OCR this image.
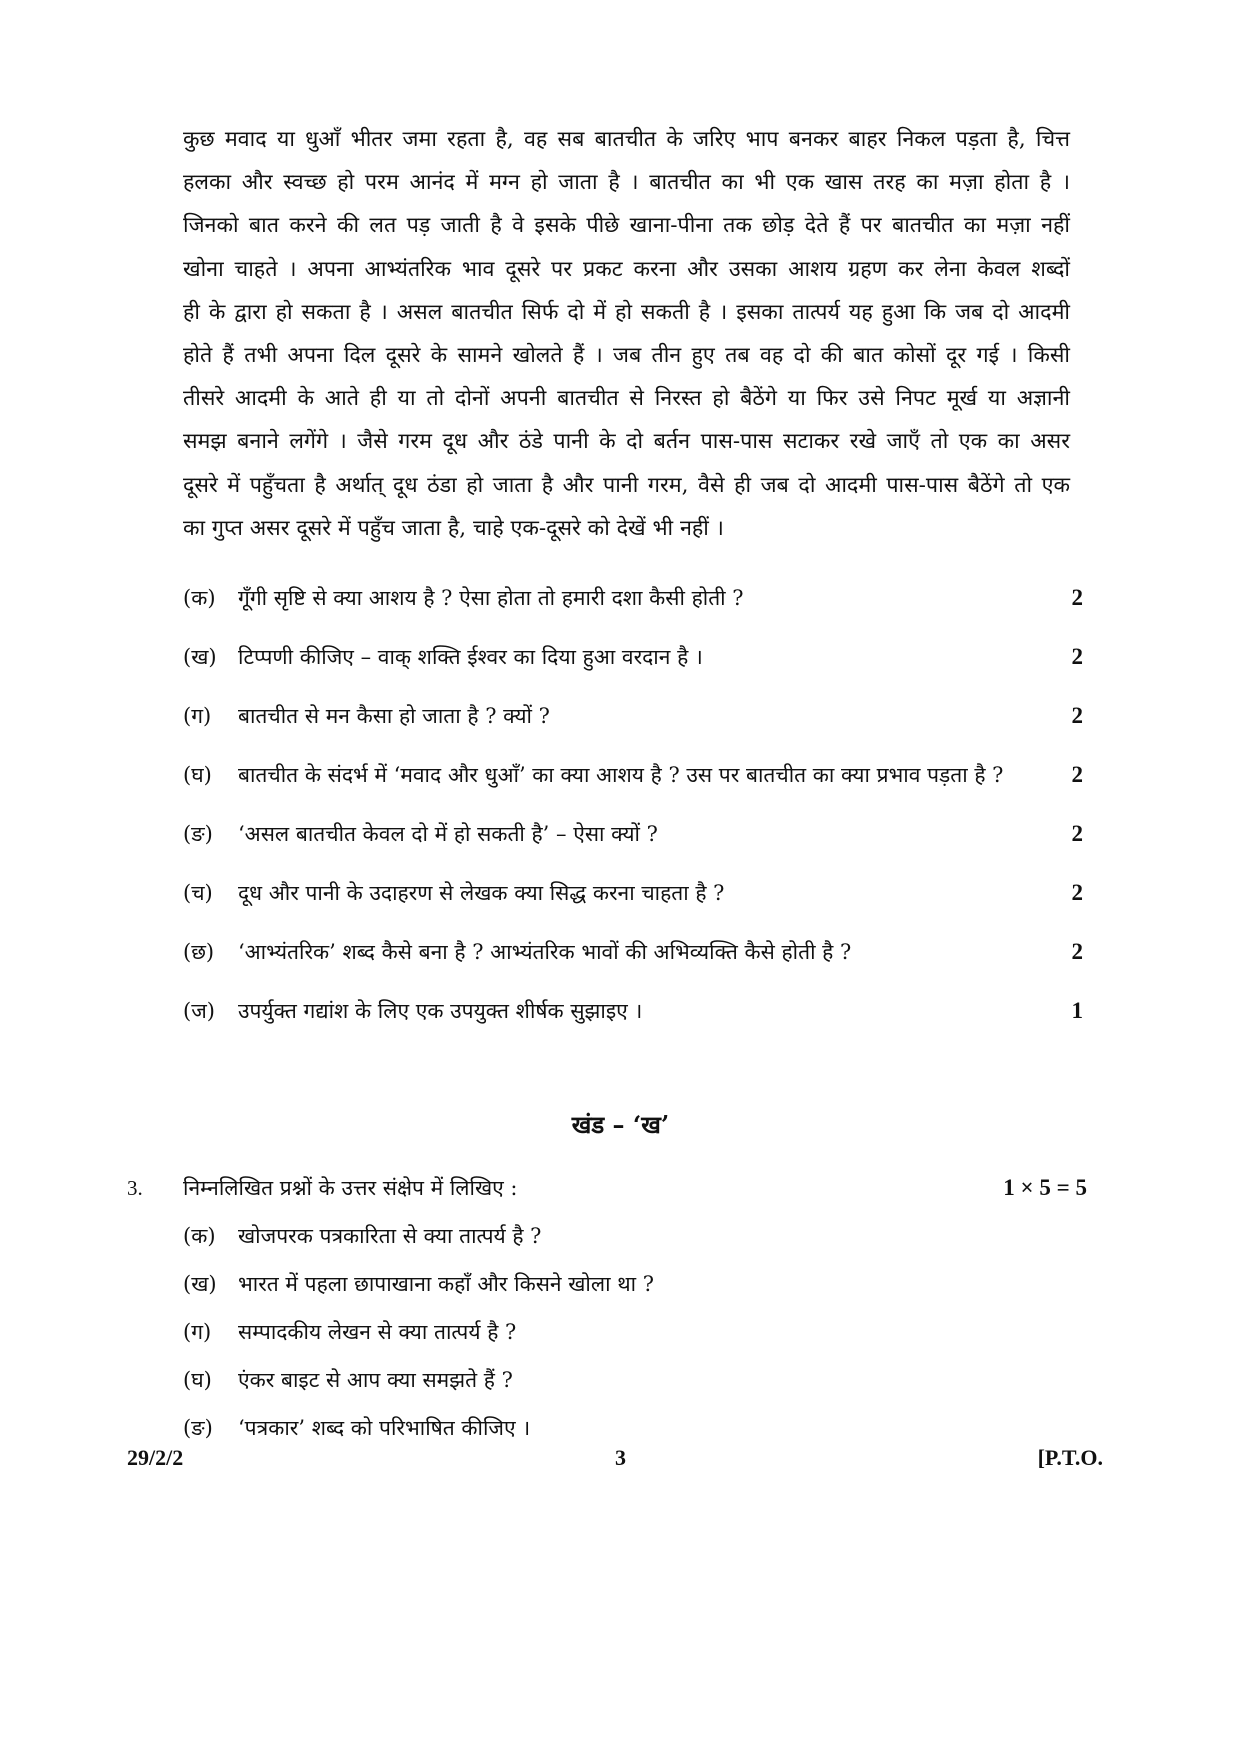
कुछ मवाद या धुआँ भीतर जमा रहता है, वह सब बातचीत के जरिए भाप बनकर बाहर निकल पड़ता है, चित्त
हलका और स्वच्छ हो परम आनंद में मग्न हो जाता है । बातचीत का भी एक खास तरह का मज़ा होता है ।
जिनको बात करने की लत पड़ जाती है वे इसके पीछे खाना-पीना तक छोड़ देते हैं पर बातचीत का मज़ा नहीं
खोना चाहते । अपना आभ्यंतरिक भाव दूसरे पर प्रकट करना और उसका आशय ग्रहण कर लेना केवल शब्दों
ही के द्वारा हो सकता है । असल बातचीत सिर्फ दो में हो सकती है । इसका तात्पर्य यह हुआ कि जब दो आदमी
होते हैं तभी अपना दिल दूसरे के सामने खोलते हैं । जब तीन हुए तब वह दो की बात कोसों दूर गई । किसी
तीसरे आदमी के आते ही या तो दोनों अपनी बातचीत से निरस्त हो बैठेंगे या फिर उसे निपट मूर्ख या अज्ञानी
समझ बनाने लगेंगे । जैसे गरम दूध और ठंडे पानी के दो बर्तन पास-पास सटाकर रखे जाएँ तो एक का असर
दूसरे में पहुँचता है अर्थात् दूध ठंडा हो जाता है और पानी गरम, वैसे ही जब दो आदमी पास-पास बैठेंगे तो एक
का गुप्त असर दूसरे में पहुँच जाता है, चाहे एक-दूसरे को देखें भी नहीं ।
(क) गूँगी सृष्टि से क्या आशय है ? ऐसा होता तो हमारी दशा कैसी होती ?	2
(ख) टिप्पणी कीजिए – वाक् शक्ति ईश्वर का दिया हुआ वरदान है ।	2
(ग) बातचीत से मन कैसा हो जाता है ? क्यों ?	2
(घ) बातचीत के संदर्भ में ‘मवाद और धुआँ’ का क्या आशय है ? उस पर बातचीत का क्या प्रभाव पड़ता है ?	2
(ङ) ‘असल बातचीत केवल दो में हो सकती है’ – ऐसा क्यों ?	2
(च) दूध और पानी के उदाहरण से लेखक क्या सिद्ध करना चाहता है ?	2
(छ) ‘आभ्यंतरिक’ शब्द कैसे बना है ? आभ्यंतरिक भावों की अभिव्यक्ति कैसे होती है ?	2
(ज) उपर्युक्त गद्यांश के लिए एक उपयुक्त शीर्षक सुझाइए ।	1
खंड – ‘ख’
3. निम्नलिखित प्रश्नों के उत्तर संक्षेप में लिखिए :	1 × 5 = 5
(क) खोजपरक पत्रकारिता से क्या तात्पर्य है ?
(ख) भारत में पहला छापाखाना कहाँ और किसने खोला था ?
(ग) सम्पादकीय लेखन से क्या तात्पर्य है ?
(घ) एंकर बाइट से आप क्या समझते हैं ?
(ङ) ‘पत्रकार’ शब्द को परिभाषित कीजिए ।
29/2/2	3	[P.T.O.
